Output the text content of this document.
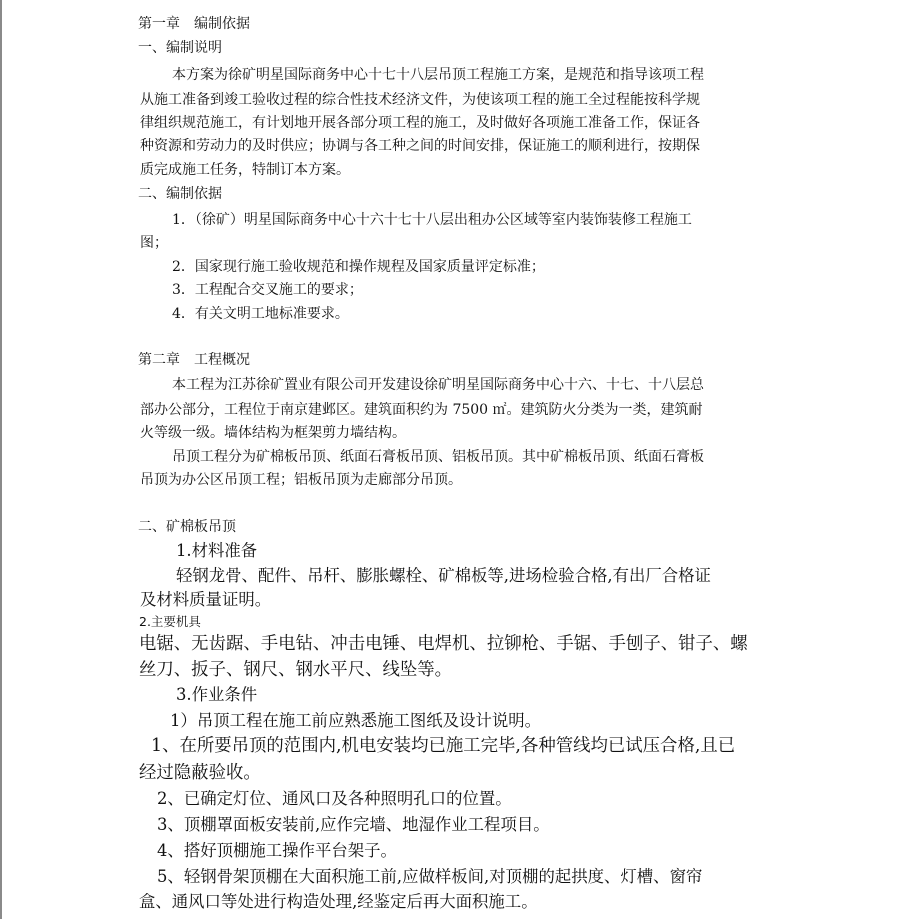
第一章　编制依据
一、编制说明
本方案为徐矿明星国际商务中心十七十八层吊顶工程施工方案，是规范和指导该项工程
从施工准备到竣工验收过程的综合性技术经济文件，为使该项工程的施工全过程能按科学规
律组织规范施工，有计划地开展各部分项工程的施工，及时做好各项施工准备工作，保证各
种资源和劳动力的及时供应；协调与各工种之间的时间安排，保证施工的顺利进行，按期保
质完成施工任务，特制订本方案。
二、编制依据
1．（徐矿）明星国际商务中心十六十七十八层出租办公区域等室内装饰装修工程施工
图；
2．国家现行施工验收规范和操作规程及国家质量评定标准；
3．工程配合交叉施工的要求；
4．有关文明工地标准要求。
第二章　工程概况
本工程为江苏徐矿置业有限公司开发建设徐矿明星国际商务中心十六、十七、十八层总
部办公部分，工程位于南京建邺区。建筑面积约为 7500 ㎡。建筑防火分类为一类，建筑耐
火等级一级。墙体结构为框架剪力墙结构。
吊顶工程分为矿棉板吊顶、纸面石膏板吊顶、铝板吊顶。其中矿棉板吊顶、纸面石膏板
吊顶为办公区吊顶工程；铝板吊顶为走廊部分吊顶。
二、矿棉板吊顶
1.材料准备
轻钢龙骨、配件、吊杆、膨胀螺栓、矿棉板等,进场检验合格,有出厂合格证
及材料质量证明。
2.主要机具
电锯、无齿踞、手电钻、冲击电锤、电焊机、拉铆枪、手锯、手刨子、钳子、螺
丝刀、扳子、钢尺、钢水平尺、线坠等。
3.作业条件
1）吊顶工程在施工前应熟悉施工图纸及设计说明。
1、在所要吊顶的范围内,机电安装均已施工完毕,各种管线均已试压合格,且已
经过隐蔽验收。
2、已确定灯位、通风口及各种照明孔口的位置。
3、顶棚罩面板安装前,应作完墙、地湿作业工程项目。
4、搭好顶棚施工操作平台架子。
5、轻钢骨架顶棚在大面积施工前,应做样板间,对顶棚的起拱度、灯槽、窗帘
盒、通风口等处进行构造处理,经鉴定后再大面积施工。
